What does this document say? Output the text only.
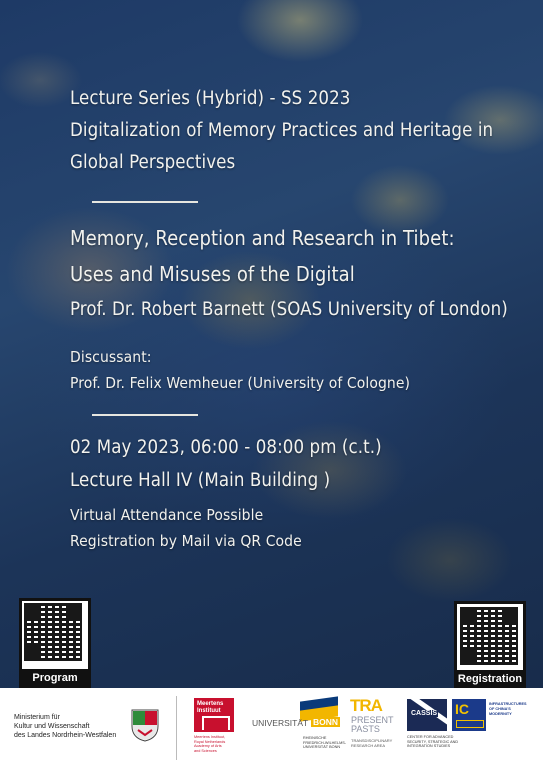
Lecture Series (Hybrid) - SS 2023
Digitalization of Memory Practices and Heritage in
Global Perspectives
Memory, Reception and Research in Tibet:
Uses and Misuses of the Digital
Prof. Dr. Robert Barnett (SOAS University of London)
Discussant:
Prof. Dr. Felix Wemheuer (University of Cologne)
02 May 2023, 06:00 - 08:00 pm (c.t.)
Lecture Hall IV (Main Building )
Virtual Attendance Possible
Registration by Mail via QR Code
Program	Registration
Ministerium für
Kultur und Wissenschaft
des Landes Nordrhein-Westfalen
Meertens Instituut
Meertens Instituut,
Royal Netherlands
Academy of Arts
and Sciences
UNIVERSITÄT BONN
RHEINISCHE
FRIEDRICH-WILHELMS-
UNIVERSITÄT BONN
TRA
PRESENT
PASTS
TRANSDISCIPLINARY
RESEARCH AREA
CASSIS
CENTER FOR ADVANCED
SECURITY, STRATEGIC AND
INTEGRATION STUDIES
IC	INFRASTRUCTURES
OF CHINA'S
MODERNITY
